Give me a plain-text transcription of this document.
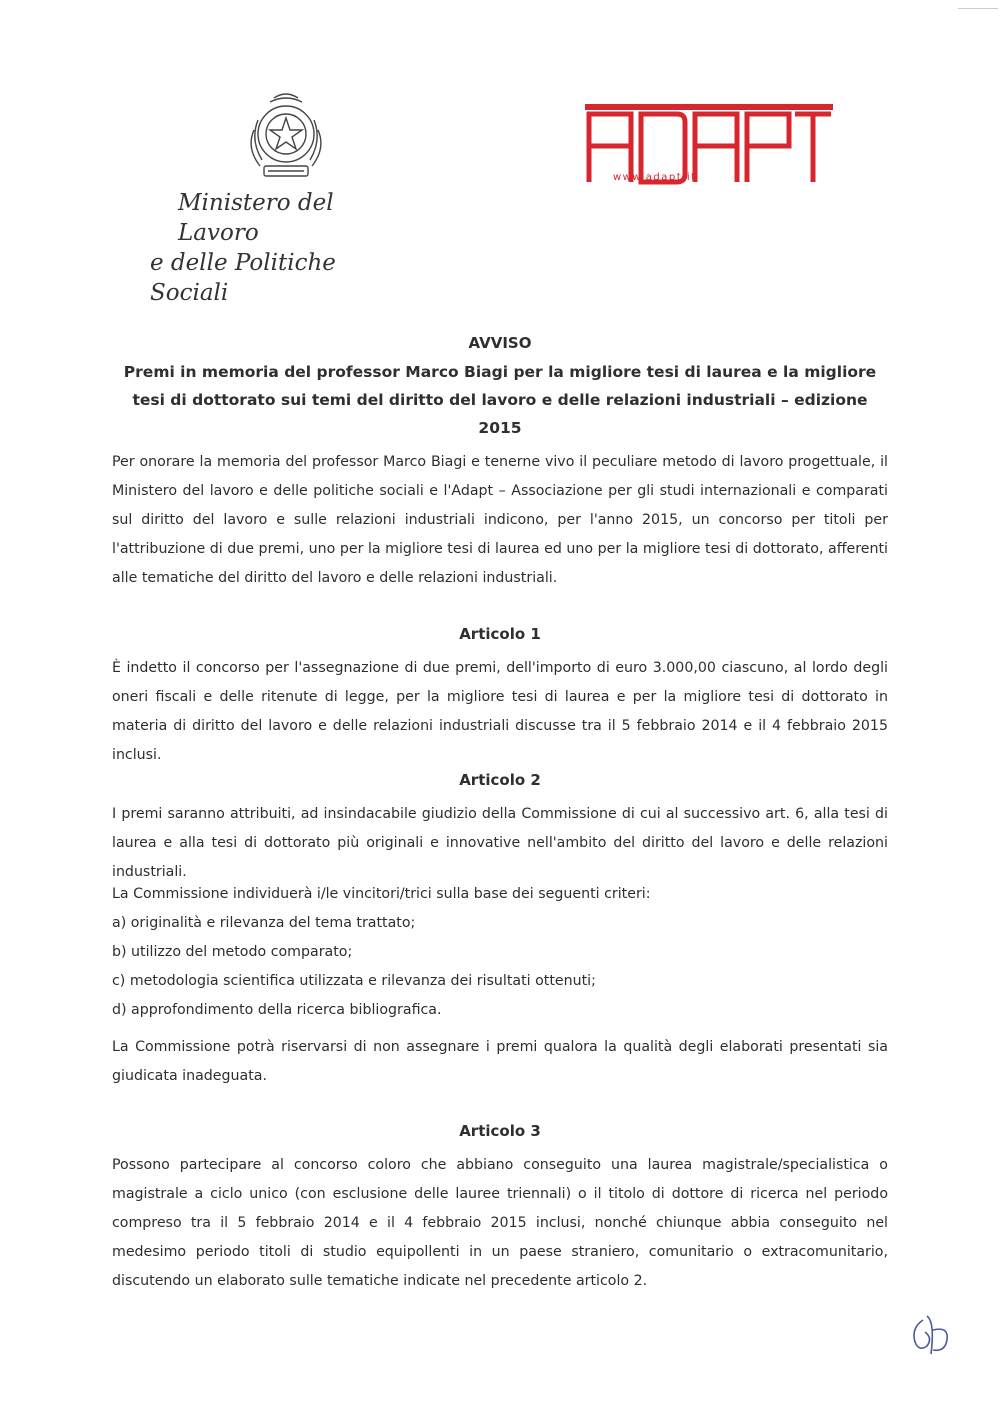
Ministero del Lavoro
e delle Politiche Sociali
www.adapt.it
AVVISO
Premi in memoria del professor Marco Biagi per la migliore tesi di laurea e la migliore tesi di dottorato sui temi del diritto del lavoro e delle relazioni industriali – edizione 2015

Per onorare la memoria del professor Marco Biagi e tenerne vivo il peculiare metodo di lavoro progettuale, il Ministero del lavoro e delle politiche sociali e l'Adapt – Associazione per gli studi internazionali e comparati sul diritto del lavoro e sulle relazioni industriali indicono, per l'anno 2015, un concorso per titoli per l'attribuzione di due premi, uno per la migliore tesi di laurea ed uno per la migliore tesi di dottorato, afferenti alle tematiche del diritto del lavoro e delle relazioni industriali.

Articolo 1

È indetto il concorso per l'assegnazione di due premi, dell'importo di euro 3.000,00 ciascuno, al lordo degli oneri fiscali e delle ritenute di legge, per la migliore tesi di laurea e per la migliore tesi di dottorato in materia di diritto del lavoro e delle relazioni industriali discusse tra il 5 febbraio 2014 e il 4 febbraio 2015 inclusi.

Articolo 2

I premi saranno attribuiti, ad insindacabile giudizio della Commissione di cui al successivo art. 6, alla tesi di laurea e alla tesi di dottorato più originali e innovative nell'ambito del diritto del lavoro e delle relazioni industriali.

La Commissione individuerà i/le vincitori/trici sulla base dei seguenti criteri:
a) originalità e rilevanza del tema trattato;
b) utilizzo del metodo comparato;
c) metodologia scientifica utilizzata e rilevanza dei risultati ottenuti;
d) approfondimento della ricerca bibliografica.

La Commissione potrà riservarsi di non assegnare i premi qualora la qualità degli elaborati presentati sia giudicata inadeguata.

Articolo 3

Possono partecipare al concorso coloro che abbiano conseguito una laurea magistrale/specialistica o magistrale a ciclo unico (con esclusione delle lauree triennali) o il titolo di dottore di ricerca nel periodo compreso tra il 5 febbraio 2014 e il 4 febbraio 2015 inclusi, nonché chiunque abbia conseguito nel medesimo periodo titoli di studio equipollenti in un paese straniero, comunitario o extracomunitario, discutendo un elaborato sulle tematiche indicate nel precedente articolo 2.
